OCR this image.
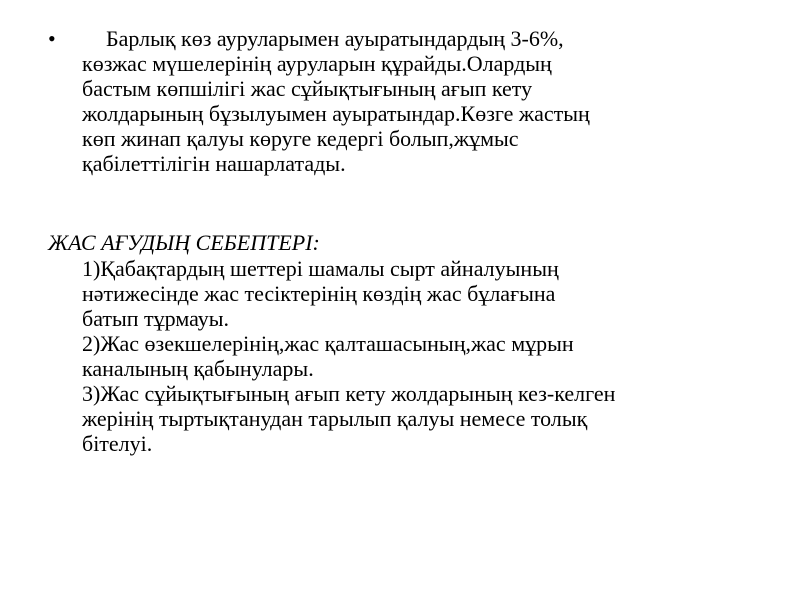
•	Барлық көз ауруларымен ауыратындардың 3-6%,
көзжас мүшелерінің ауруларын құрайды.Олардың
бастым көпшілігі жас сұйықтығының ағып кету
жолдарының бұзылуымен ауыратындар.Көзге жастың
көп жинап қалуы көруге кедергі болып,жұмыс
қабілеттілігін нашарлатады.
ЖАС АҒУДЫҢ СЕБЕПТЕРІ:
1)Қабақтардың шеттері шамалы сырт айналуының
нәтижесінде жас тесіктерінің көздің жас бұлағына
батып тұрмауы.
2)Жас өзекшелерінің,жас қалташасының,жас мұрын
каналының қабынулары.
3)Жас сұйықтығының ағып кету жолдарының кез-келген
жерінің тыртықтанудан тарылып қалуы немесе толық
бітелуі.
